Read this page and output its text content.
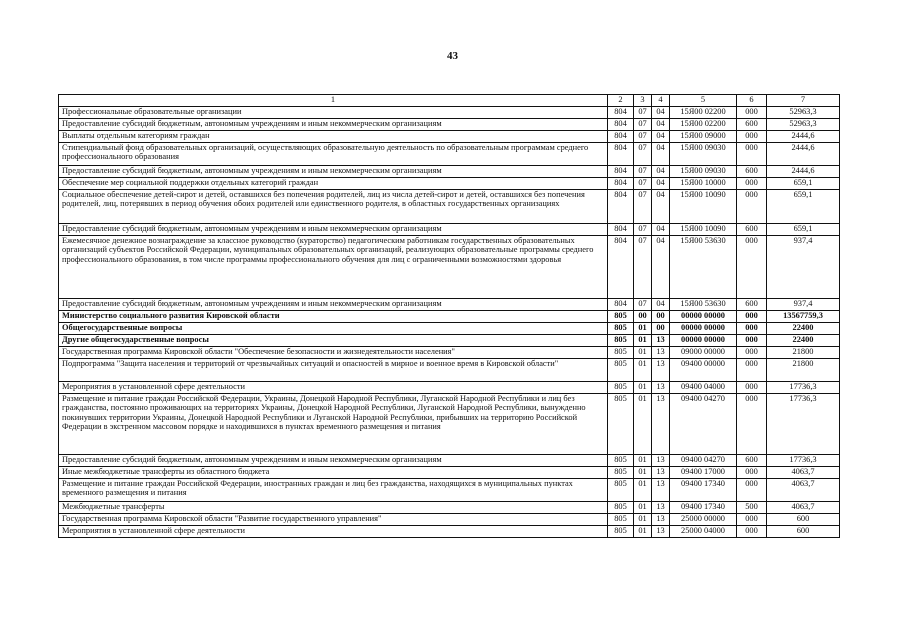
43
1	2	3	4	5	6	7
Профессиональные образовательные организации	804	07	04	15Я00 02200	000	52963,3
Предоставление субсидий бюджетным, автономным учреждениям и иным некоммерческим организациям	804	07	04	15Я00 02200	600	52963,3
Выплаты отдельным категориям граждан	804	07	04	15Я00 09000	000	2444,6
Стипендиальный фонд образовательных организаций, осуществляющих образовательную деятельность по образовательным программам среднего профессионального образования	804	07	04	15Я00 09030	000	2444,6
Предоставление субсидий бюджетным, автономным учреждениям и иным некоммерческим организациям	804	07	04	15Я00 09030	600	2444,6
Обеспечение мер социальной поддержки отдельных категорий граждан	804	07	04	15Я00 10000	000	659,1
Социальное обеспечение детей-сирот и детей, оставшихся без попечения родителей, лиц из числа детей-сирот и детей, оставшихся без попечения родителей, лиц, потерявших в период обучения обоих родителей или единственного родителя, в областных государственных организациях	804	07	04	15Я00 10090	000	659,1
Предоставление субсидий бюджетным, автономным учреждениям и иным некоммерческим организациям	804	07	04	15Я00 10090	600	659,1
Ежемесячное денежное вознаграждение за классное руководство (кураторство) педагогическим работникам государственных образовательных организаций субъектов Российской Федерации, муниципальных образовательных организаций, реализующих образовательные программы среднего профессионального образования, в том числе программы профессионального обучения для лиц с ограниченными возможностями здоровья	804	07	04	15Я00 53630	000	937,4
Предоставление субсидий бюджетным, автономным учреждениям и иным некоммерческим организациям	804	07	04	15Я00 53630	600	937,4
Министерство социального развития Кировской области	805	00	00	00000 00000	000	13567759,3
Общегосударственные вопросы	805	01	00	00000 00000	000	22400
Другие общегосударственные вопросы	805	01	13	00000 00000	000	22400
Государственная программа Кировской области "Обеспечение безопасности и жизнедеятельности населения"	805	01	13	09000 00000	000	21800
Подпрограмма "Защита населения и территорий от чрезвычайных ситуаций и опасностей в мирное и военное время в Кировской области"	805	01	13	09400 00000	000	21800
Мероприятия в установленной сфере деятельности	805	01	13	09400 04000	000	17736,3
Размещение и питание граждан Российской Федерации, Украины, Донецкой Народной Республики, Луганской Народной Республики и лиц без гражданства, постоянно проживающих на территориях Украины, Донецкой Народной Республики, Луганской Народной Республики, вынужденно покинувших территории Украины, Донецкой Народной Республики и Луганской Народной Республики, прибывших на территорию Российской Федерации в экстренном массовом порядке и находившихся в пунктах временного размещения и питания	805	01	13	09400 04270	000	17736,3
Предоставление субсидий бюджетным, автономным учреждениям и иным некоммерческим организациям	805	01	13	09400 04270	600	17736,3
Иные межбюджетные трансферты из областного бюджета	805	01	13	09400 17000	000	4063,7
Размещение и питание граждан Российской Федерации, иностранных граждан и лиц без гражданства, находящихся в муниципальных пунктах временного размещения и питания	805	01	13	09400 17340	000	4063,7
Межбюджетные трансферты	805	01	13	09400 17340	500	4063,7
Государственная программа Кировской области "Развитие государственного управления"	805	01	13	25000 00000	000	600
Мероприятия в установленной сфере деятельности	805	01	13	25000 04000	000	600
